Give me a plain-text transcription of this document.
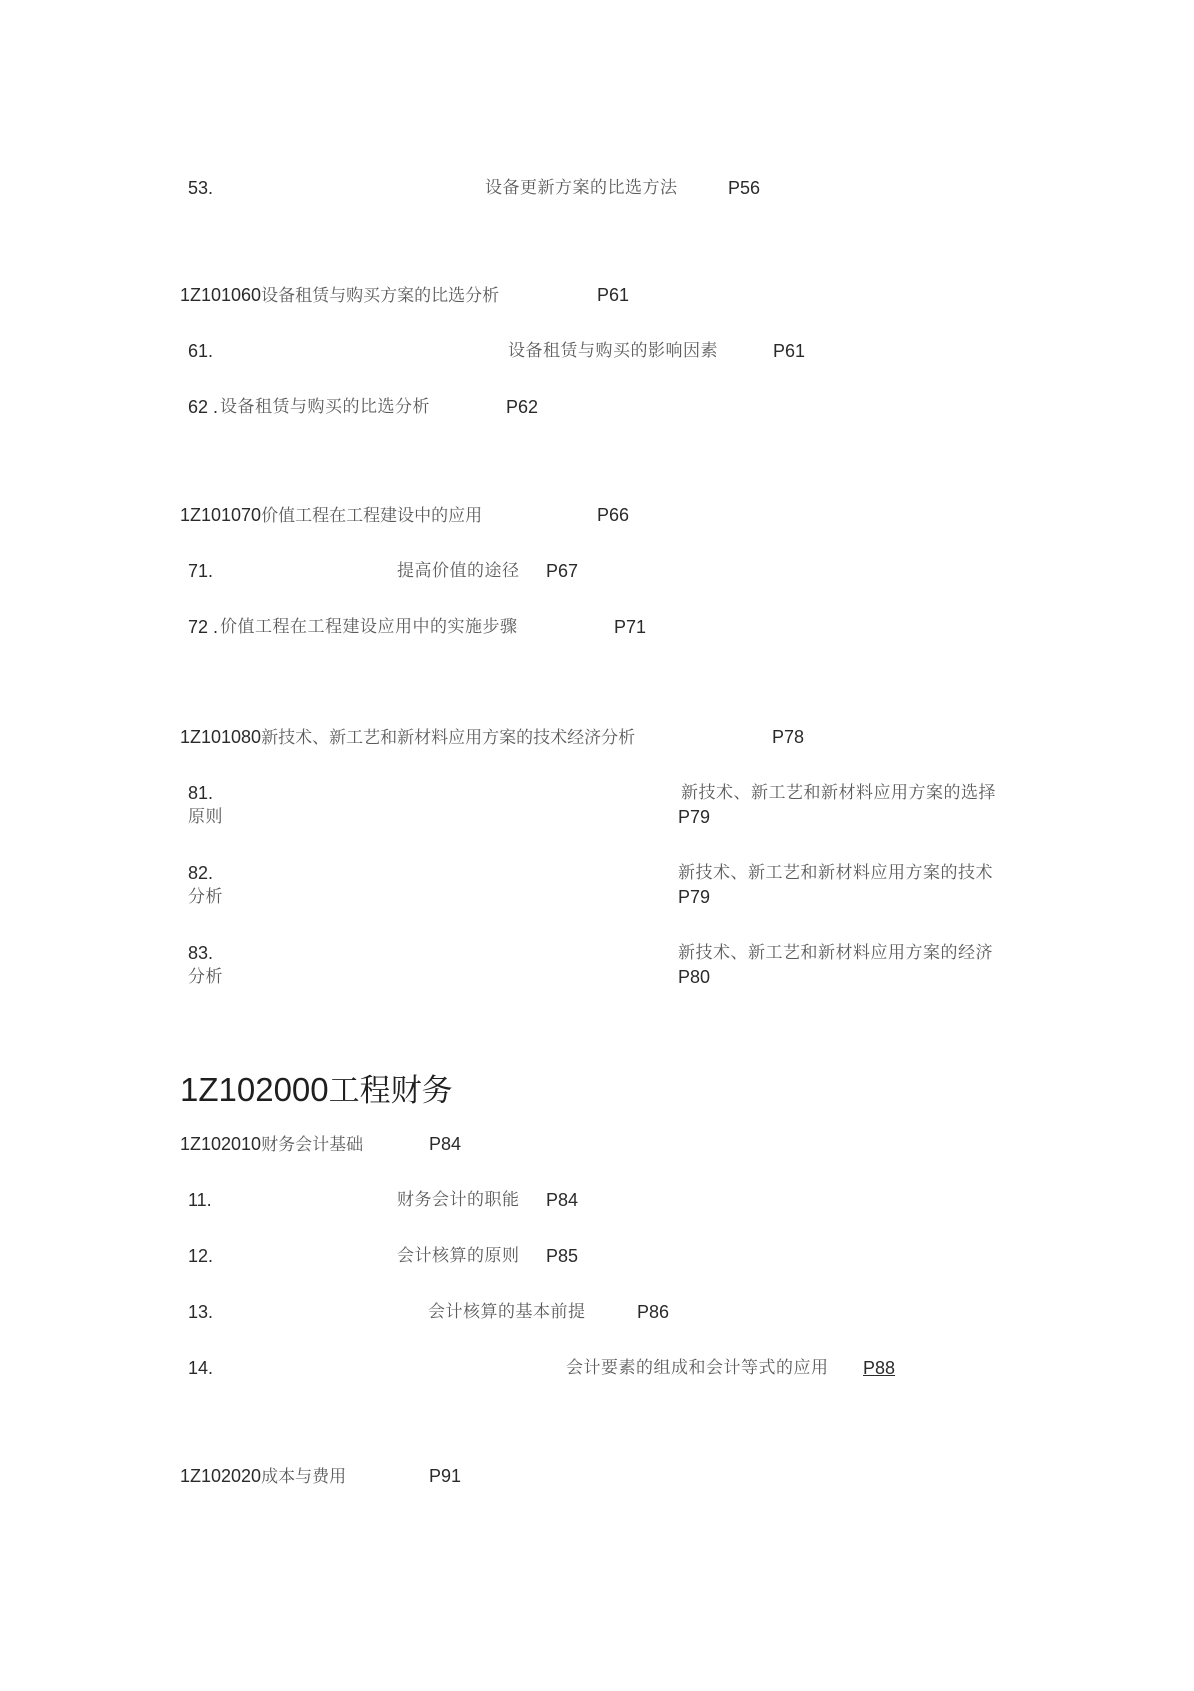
53.	设备更新方案的比选方法	P56
1Z101060设备租赁与购买方案的比选分析	P61
61.	设备租赁与购买的影响因素	P61
62 . 设备租赁与购买的比选分析	P62
1Z101070价值工程在工程建设中的应用	P66
71.	提高价值的途径 P67
72 . 价值工程在工程建设应用中的实施步骤	P71
1Z101080新技术、新工艺和新材料应用方案的技术经济分析	P78
81.	新技术、新工艺和新材料应用方案的选择
原则	P79
82.	新技术、新工艺和新材料应用方案的技术
分析	P79
83.	新技术、新工艺和新材料应用方案的经济
分析	P80
1Z102000工程财务
1Z102010财务会计基础	P84
11.	财务会计的职能 P84
12.	会计核算的原则 P85
13.	会计核算的基本前提	P86
14.	会计要素的组成和会计等式的应用 P88
1Z102020成本与费用	P91
